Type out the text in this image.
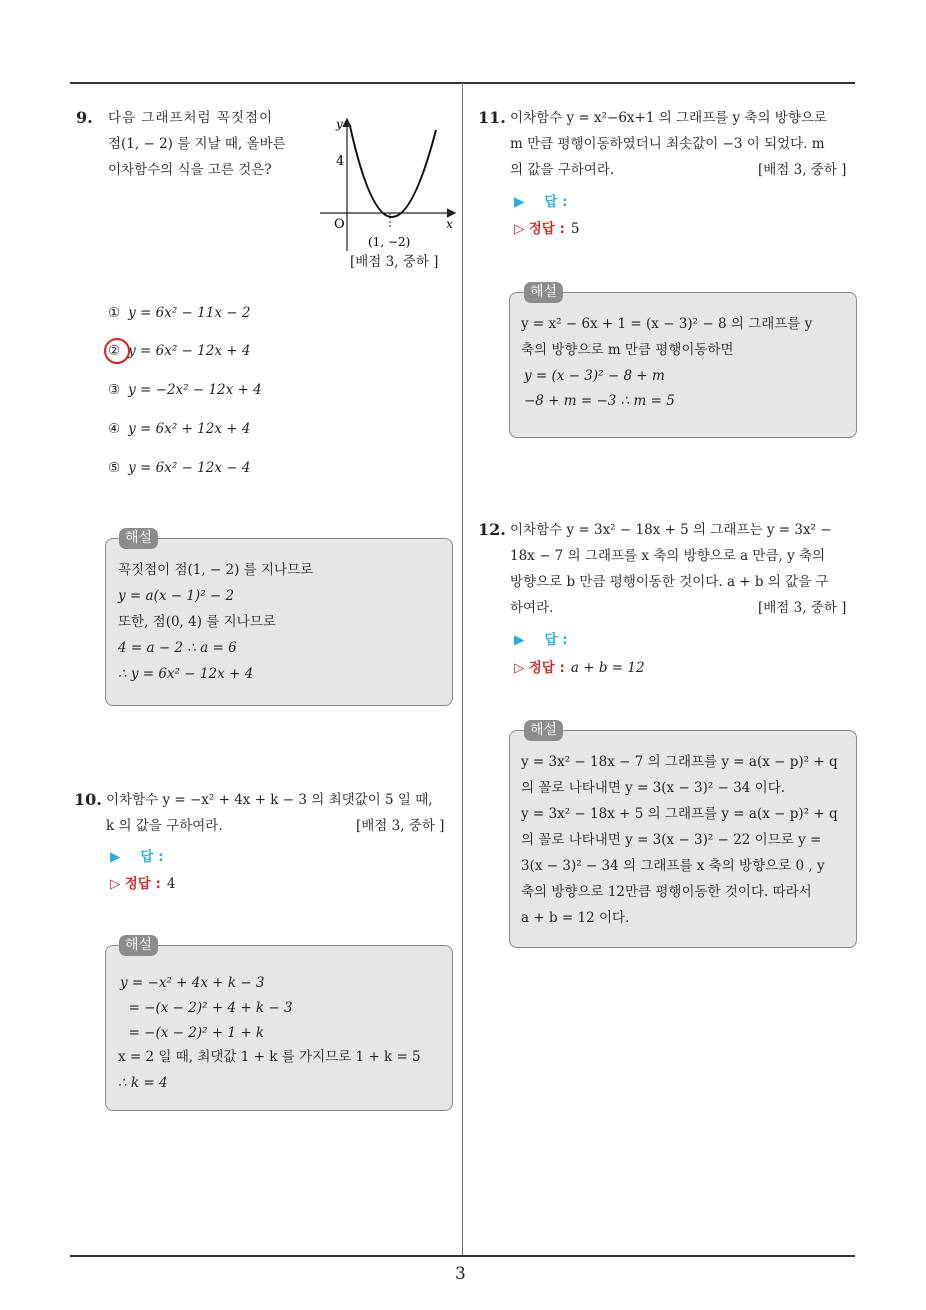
3
9. 다음 그래프처럼 꼭짓점이
점(1, − 2) 를 지날 때, 올바른
이차함수의 식을 고른 것은?
y
x
O
4
(1, −2)
[배점 3, 중하 ]
① y = 6x² − 11x − 2
② y = 6x² − 12x + 4
③ y = −2x² − 12x + 4
④ y = 6x² + 12x + 4
⑤ y = 6x² − 12x − 4
해설
꼭짓점이 점(1, − 2) 를 지나므로
y = a(x − 1)² − 2
또한, 점(0, 4) 를 지나므로
4 = a − 2 ∴ a = 6
∴ y = 6x² − 12x + 4
10. 이차함수 y = −x² + 4x + k − 3 의 최댓값이 5 일 때,
k 의 값을 구하여라.	[배점 3, 중하 ]
▶ 답 :
▷ 정답 : 4
해설
y = −x² + 4x + k − 3
= −(x − 2)² + 4 + k − 3
= −(x − 2)² + 1 + k
x = 2 일 때, 최댓값 1 + k 를 가지므로 1 + k = 5
∴ k = 4
11. 이차함수 y = x²−6x+1 의 그래프를 y 축의 방향으로
m 만큼 평행이동하였더니 최솟값이 −3 이 되었다. m
의 값을 구하여라.	[배점 3, 중하 ]
▶ 답 :
▷ 정답 : 5
해설
y = x² − 6x + 1 = (x − 3)² − 8 의 그래프를 y
축의 방향으로 m 만큼 평행이동하면
y = (x − 3)² − 8 + m
−8 + m = −3 ∴ m = 5
12. 이차함수 y = 3x² − 18x + 5 의 그래프는 y = 3x² −
18x − 7 의 그래프를 x 축의 방향으로 a 만큼, y 축의
방향으로 b 만큼 평행이동한 것이다. a + b 의 값을 구
하여라.	[배점 3, 중하 ]
▶ 답 :
▷ 정답 : a + b = 12
해설
y = 3x² − 18x − 7 의 그래프를 y = a(x − p)² + q
의 꼴로 나타내면 y = 3(x − 3)² − 34 이다.
y = 3x² − 18x + 5 의 그래프를 y = a(x − p)² + q
의 꼴로 나타내면 y = 3(x − 3)² − 22 이므로 y =
3(x − 3)² − 34 의 그래프를 x 축의 방향으로 0 , y
축의 방향으로 12만큼 평행이동한 것이다. 따라서
a + b = 12 이다.
